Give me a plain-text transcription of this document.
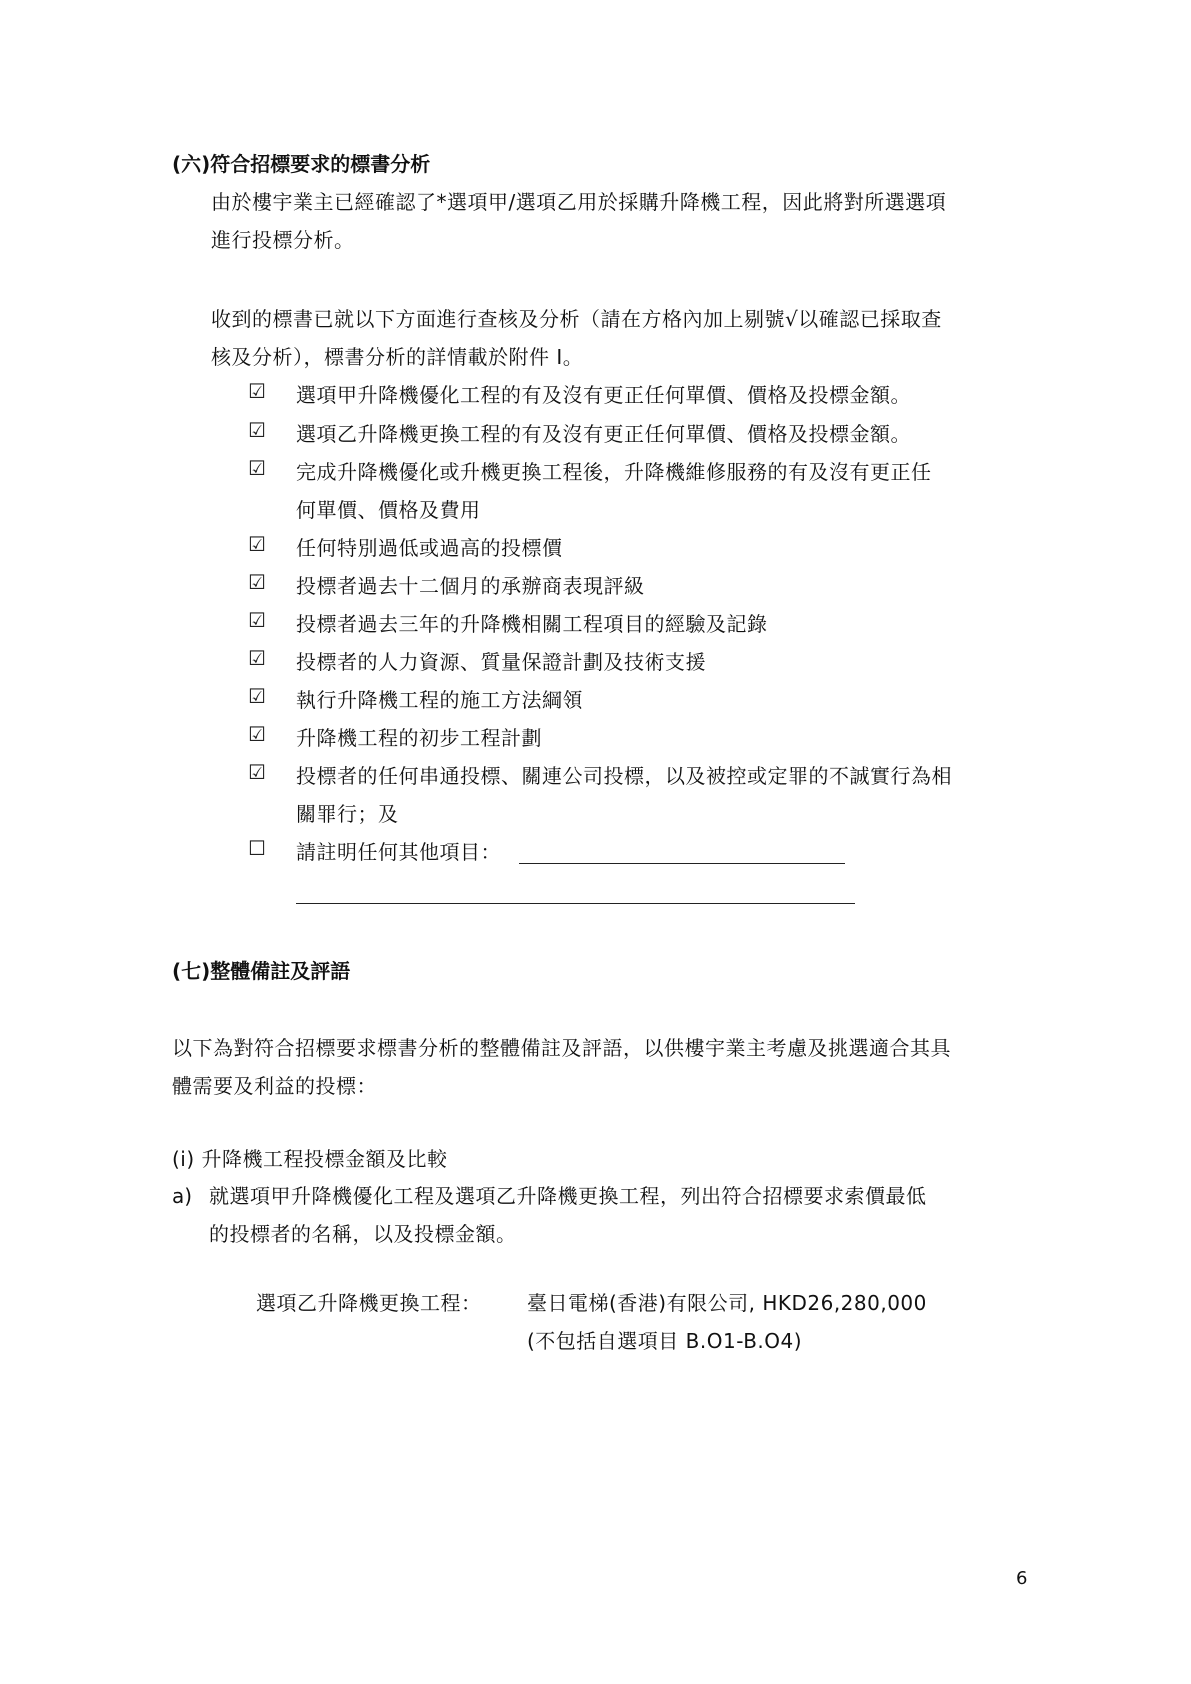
(六)符合招標要求的標書分析
由於樓宇業主已經確認了*選項甲/選項乙用於採購升降機工程，因此將對所選選項
進行投標分析。
收到的標書已就以下方面進行查核及分析（請在方格內加上剔號√以確認已採取查
核及分析），標書分析的詳情載於附件 I。
☑	選項甲升降機優化工程的有及沒有更正任何單價、價格及投標金額。
☑	選項乙升降機更換工程的有及沒有更正任何單價、價格及投標金額。
☑	完成升降機優化或升機更換工程後，升降機維修服務的有及沒有更正任
何單價、價格及費用
☑	任何特別過低或過高的投標價
☑	投標者過去十二個月的承辦商表現評級
☑	投標者過去三年的升降機相關工程項目的經驗及記錄
☑	投標者的人力資源、質量保證計劃及技術支援
☑	執行升降機工程的施工方法綱領
☑	升降機工程的初步工程計劃
☑	投標者的任何串通投標、關連公司投標，以及被控或定罪的不誠實行為相
關罪行；及
☐	請註明任何其他項目：
(七)整體備註及評語
以下為對符合招標要求標書分析的整體備註及評語，以供樓宇業主考慮及挑選適合其具
體需要及利益的投標：
(i) 升降機工程投標金額及比較
a) 就選項甲升降機優化工程及選項乙升降機更換工程，列出符合招標要求索價最低
的投標者的名稱，以及投標金額。
選項乙升降機更換工程： 臺日電梯(香港)有限公司, HKD26,280,000
(不包括自選項目 B.O1-B.O4)
6
